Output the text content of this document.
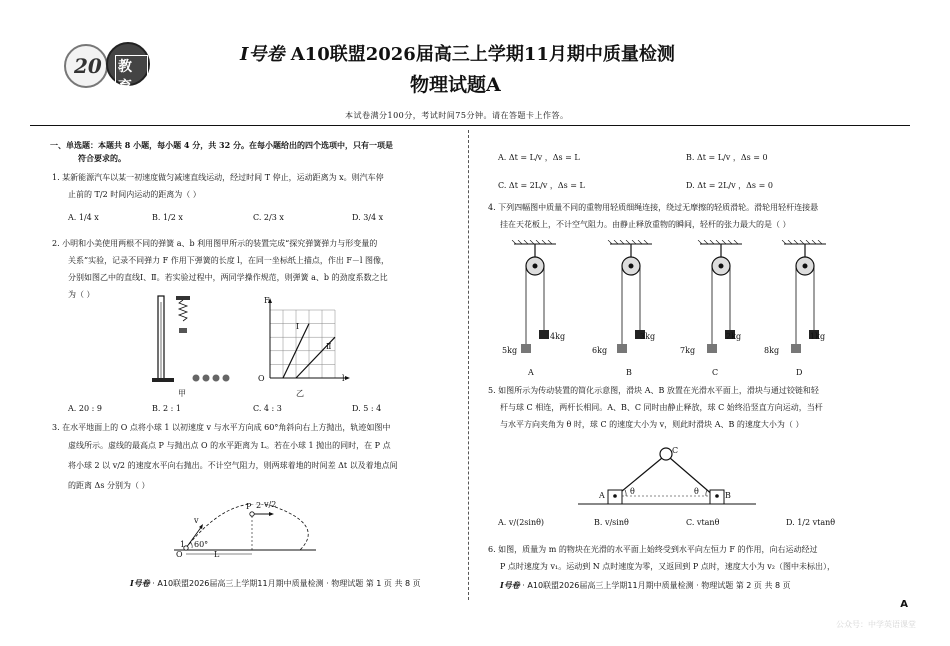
20 教育
I号卷 A10联盟2026届高三上学期11月期中质量检测
物理试题A
本试卷满分100分，考试时间75分钟。请在答题卡上作答。
一、单选题：本题共 8 小题，每小题 4 分，共 32 分。在每小题给出的四个选项中，只有一项是
符合要求的。
1. 某新能源汽车以某一初速度做匀减速直线运动，经过时间 T 停止，运动距离为 x。则汽车停
止前的 T/2 时间内运动的距离为（ ）
A. 1/4 x	B. 1/2 x	C. 2/3 x	D. 3/4 x
2. 小明和小美使用两根不同的弹簧 a、b 利用图甲所示的装置完成“探究弹簧弹力与形变量的
关系”实验，记录不同弹力 F 作用下弹簧的长度 l，在同一坐标纸上描点，作出 F－l 图像，
分别如图乙中的直线Ⅰ、Ⅱ。若实验过程中，两同学操作规范，则弹簧 a、b 的劲度系数之比
为（ ）
甲
F
l
O
Ⅰ
Ⅱ
乙
A. 20 : 9	B. 2 : 1	C. 4 : 3	D. 5 : 4
3. 在水平地面上的 O 点将小球 1 以初速度 v 与水平方向成 60°角斜向右上方抛出，轨迹如图中
虚线所示。虚线的最高点 P 与抛出点 O 的水平距离为 L。若在小球 1 抛出的同时，在 P 点
将小球 2 以 v/2 的速度水平向右抛出。不计空气阻力，则两球着地的时间差 Δt 以及着地点间
的距离 Δs 分别为（ ）
P 2 v/2
v
1
O
60°
L
I号卷 · A10联盟2026届高三上学期11月期中质量检测 · 物理试题 第 1 页 共 8 页
A. Δt = L/v ，Δs = L	B. Δt = L/v ，Δs = 0
C. Δt = 2L/v ，Δs = L	D. Δt = 2L/v ，Δs = 0
4. 下列四幅图中质量不同的重物用轻质细绳连接，绕过无摩擦的轻质滑轮。滑轮用轻杆连接悬
挂在天花板上，不计空气阻力。由静止释放重物的瞬间，轻杆的张力最大的是（ ）
4kg
5kg
A
3kg
6kg
B
2kg
7kg
C
1kg
8kg
D
5. 如图所示为传动装置的简化示意图，滑块 A、B 放置在光滑水平面上，滑块与通过铰链和轻
杆与球 C 相连，两杆长相同。A、B、C 同时由静止释放，球 C 始终沿竖直方向运动，当杆
与水平方向夹角为 θ 时，球 C 的速度大小为 v，则此时滑块 A、B 的速度大小为（ ）
C
A	B
θ	θ
A. v/(2sinθ)	B. v/sinθ	C. vtanθ	D. 1/2 vtanθ
6. 如图，质量为 m 的物块在光滑的水平面上始终受到水平向左恒力 F 的作用，向右运动经过
P 点时速度为 v₁。运动到 N 点时速度为零，又返回到 P 点时，速度大小为 v₂（图中未标出），
I号卷 · A10联盟2026届高三上学期11月期中质量检测 · 物理试题 第 2 页 共 8 页
A
公众号：中学英语课堂
